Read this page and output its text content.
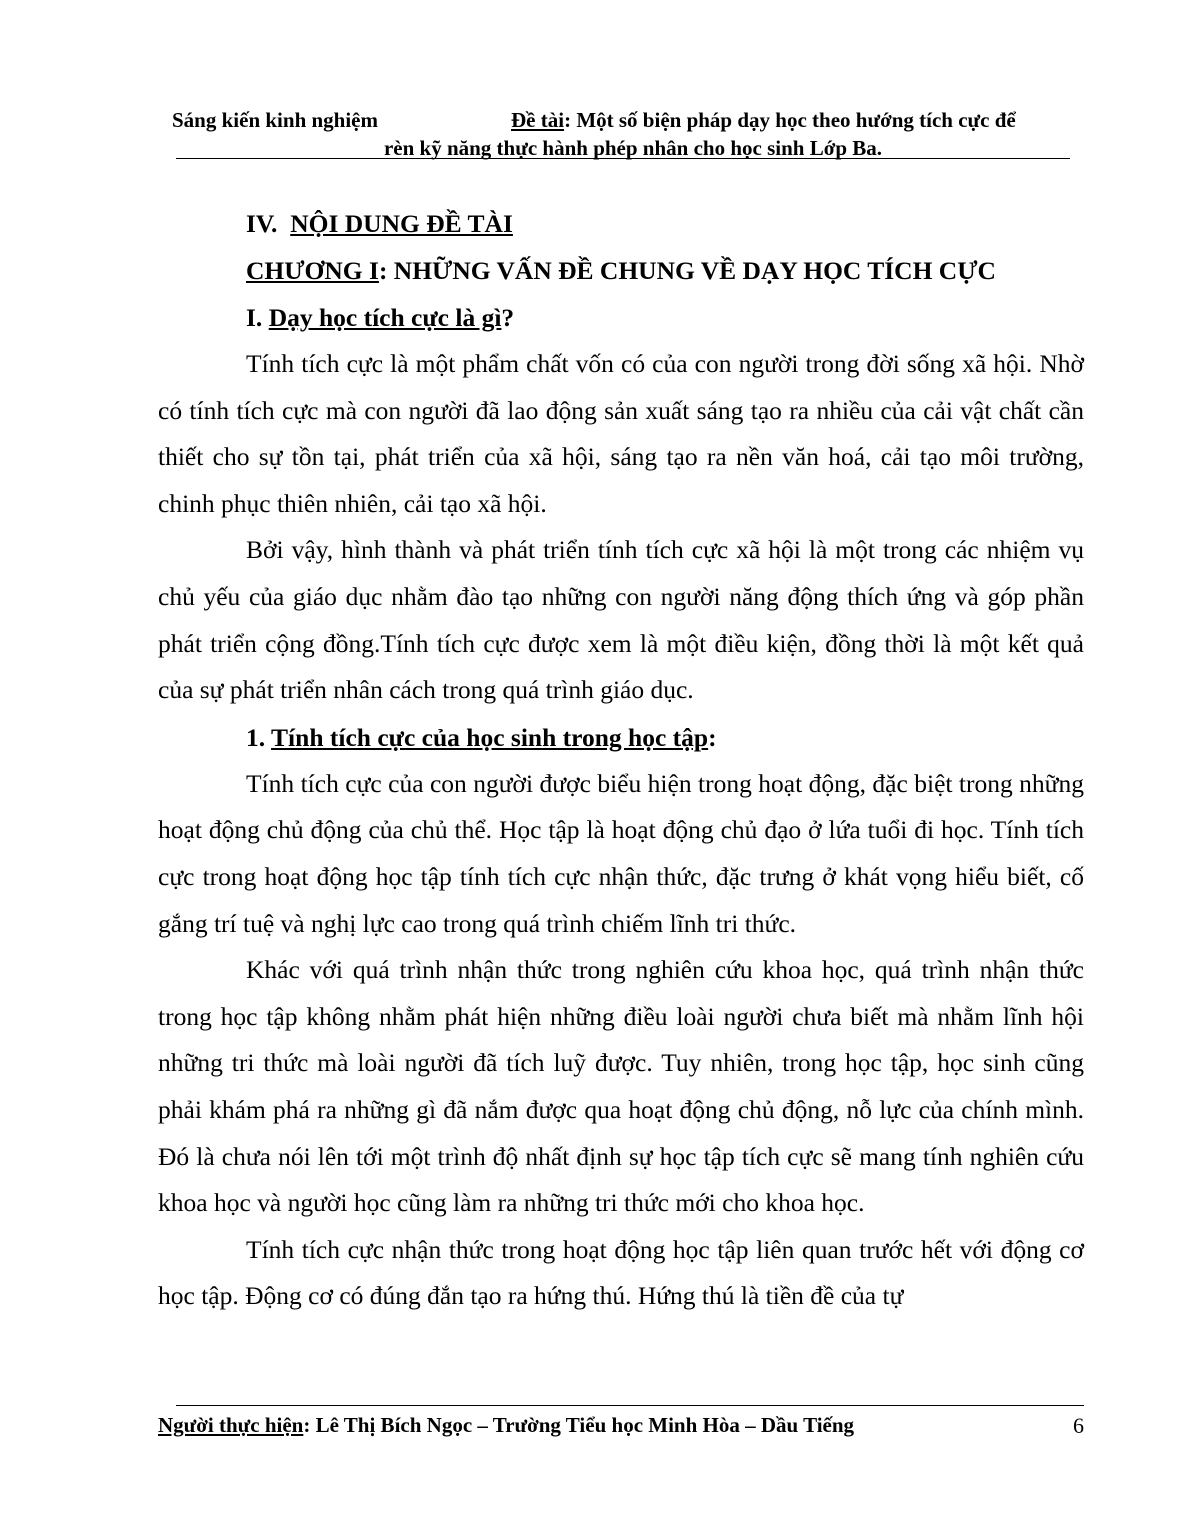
Sáng kiến kinh nghiệm	Đề tài: Một số biện pháp dạy học theo hướng tích cực để
rèn kỹ năng thực hành phép nhân cho học sinh Lớp Ba.
IV. NỘI DUNG ĐỀ TÀI
CHƯƠNG I: NHỮNG VẤN ĐỀ CHUNG VỀ DẠY HỌC TÍCH CỰC
I. Dạy học tích cực là gì?

Tính tích cực là một phẩm chất vốn có của con người trong đời sống xã hội. Nhờ có tính tích cực mà con người đã lao động sản xuất sáng tạo ra nhiều của cải vật chất cần thiết cho sự tồn tại, phát triển của xã hội, sáng tạo ra nền văn hoá, cải tạo môi trường, chinh phục thiên nhiên, cải tạo xã hội.

Bởi vậy, hình thành và phát triển tính tích cực xã hội là một trong các nhiệm vụ chủ yếu của giáo dục nhằm đào tạo những con người năng động thích ứng và góp phần phát triển cộng đồng.Tính tích cực được xem là một điều kiện, đồng thời là một kết quả của sự phát triển nhân cách trong quá trình giáo dục.

1. Tính tích cực của học sinh trong học tập:

Tính tích cực của con người được biểu hiện trong hoạt động, đặc biệt trong những hoạt động chủ động của chủ thể. Học tập là hoạt động chủ đạo ở lứa tuổi đi học. Tính tích cực trong hoạt động học tập tính tích cực nhận thức, đặc trưng ở khát vọng hiểu biết, cố gắng trí tuệ và nghị lực cao trong quá trình chiếm lĩnh tri thức.

Khác với quá trình nhận thức trong nghiên cứu khoa học, quá trình nhận thức trong học tập không nhằm phát hiện những điều loài người chưa biết mà nhằm lĩnh hội những tri thức mà loài người đã tích luỹ được. Tuy nhiên, trong học tập, học sinh cũng phải khám phá ra những gì đã nắm được qua hoạt động chủ động, nỗ lực của chính mình. Đó là chưa nói lên tới một trình độ nhất định sự học tập tích cực sẽ mang tính nghiên cứu khoa học và người học cũng làm ra những tri thức mới cho khoa học.

Tính tích cực nhận thức trong hoạt động học tập liên quan trước hết với động cơ học tập. Động cơ có đúng đắn tạo ra hứng thú. Hứng thú là tiền đề của tự

Người thực hiện: Lê Thị Bích Ngọc – Trường Tiểu học Minh Hòa – Dầu Tiếng	6
